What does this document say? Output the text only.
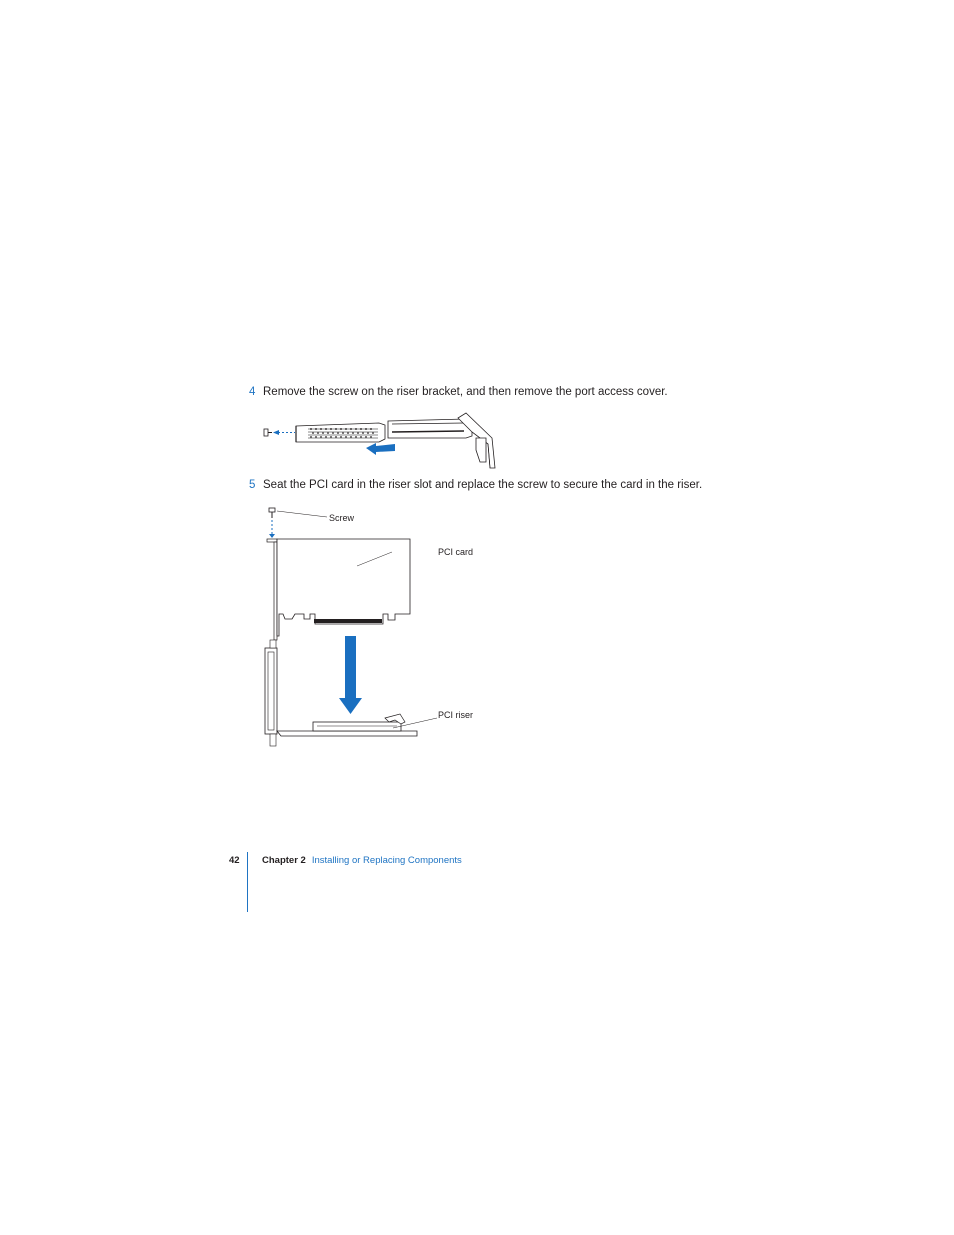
4 Remove the screw on the riser bracket, and then remove the port access cover.
5 Seat the PCI card in the riser slot and replace the screw to secure the card in the riser.
Screw
PCI card
PCI riser
42 Chapter 2 Installing or Replacing Components
